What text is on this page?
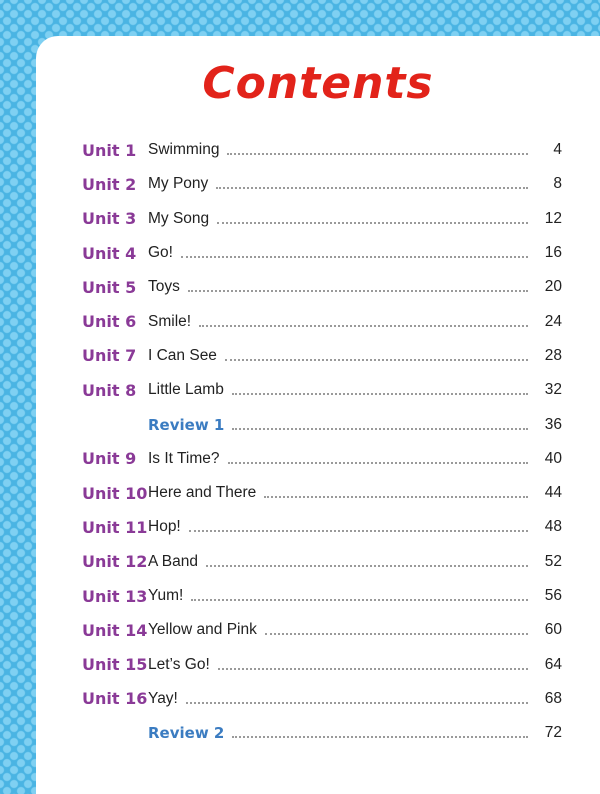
Contents
Unit 1 Swimming	4
Unit 2 My Pony	8
Unit 3 My Song	12
Unit 4 Go!	16
Unit 5 Toys	20
Unit 6 Smile!	24
Unit 7 I Can See	28
Unit 8 Little Lamb	32
Review 1	36
Unit 9 Is It Time?	40
Unit 10 Here and There	44
Unit 11 Hop!	48
Unit 12 A Band	52
Unit 13 Yum!	56
Unit 14 Yellow and Pink	60
Unit 15 Let’s Go!	64
Unit 16 Yay!	68
Review 2	72
